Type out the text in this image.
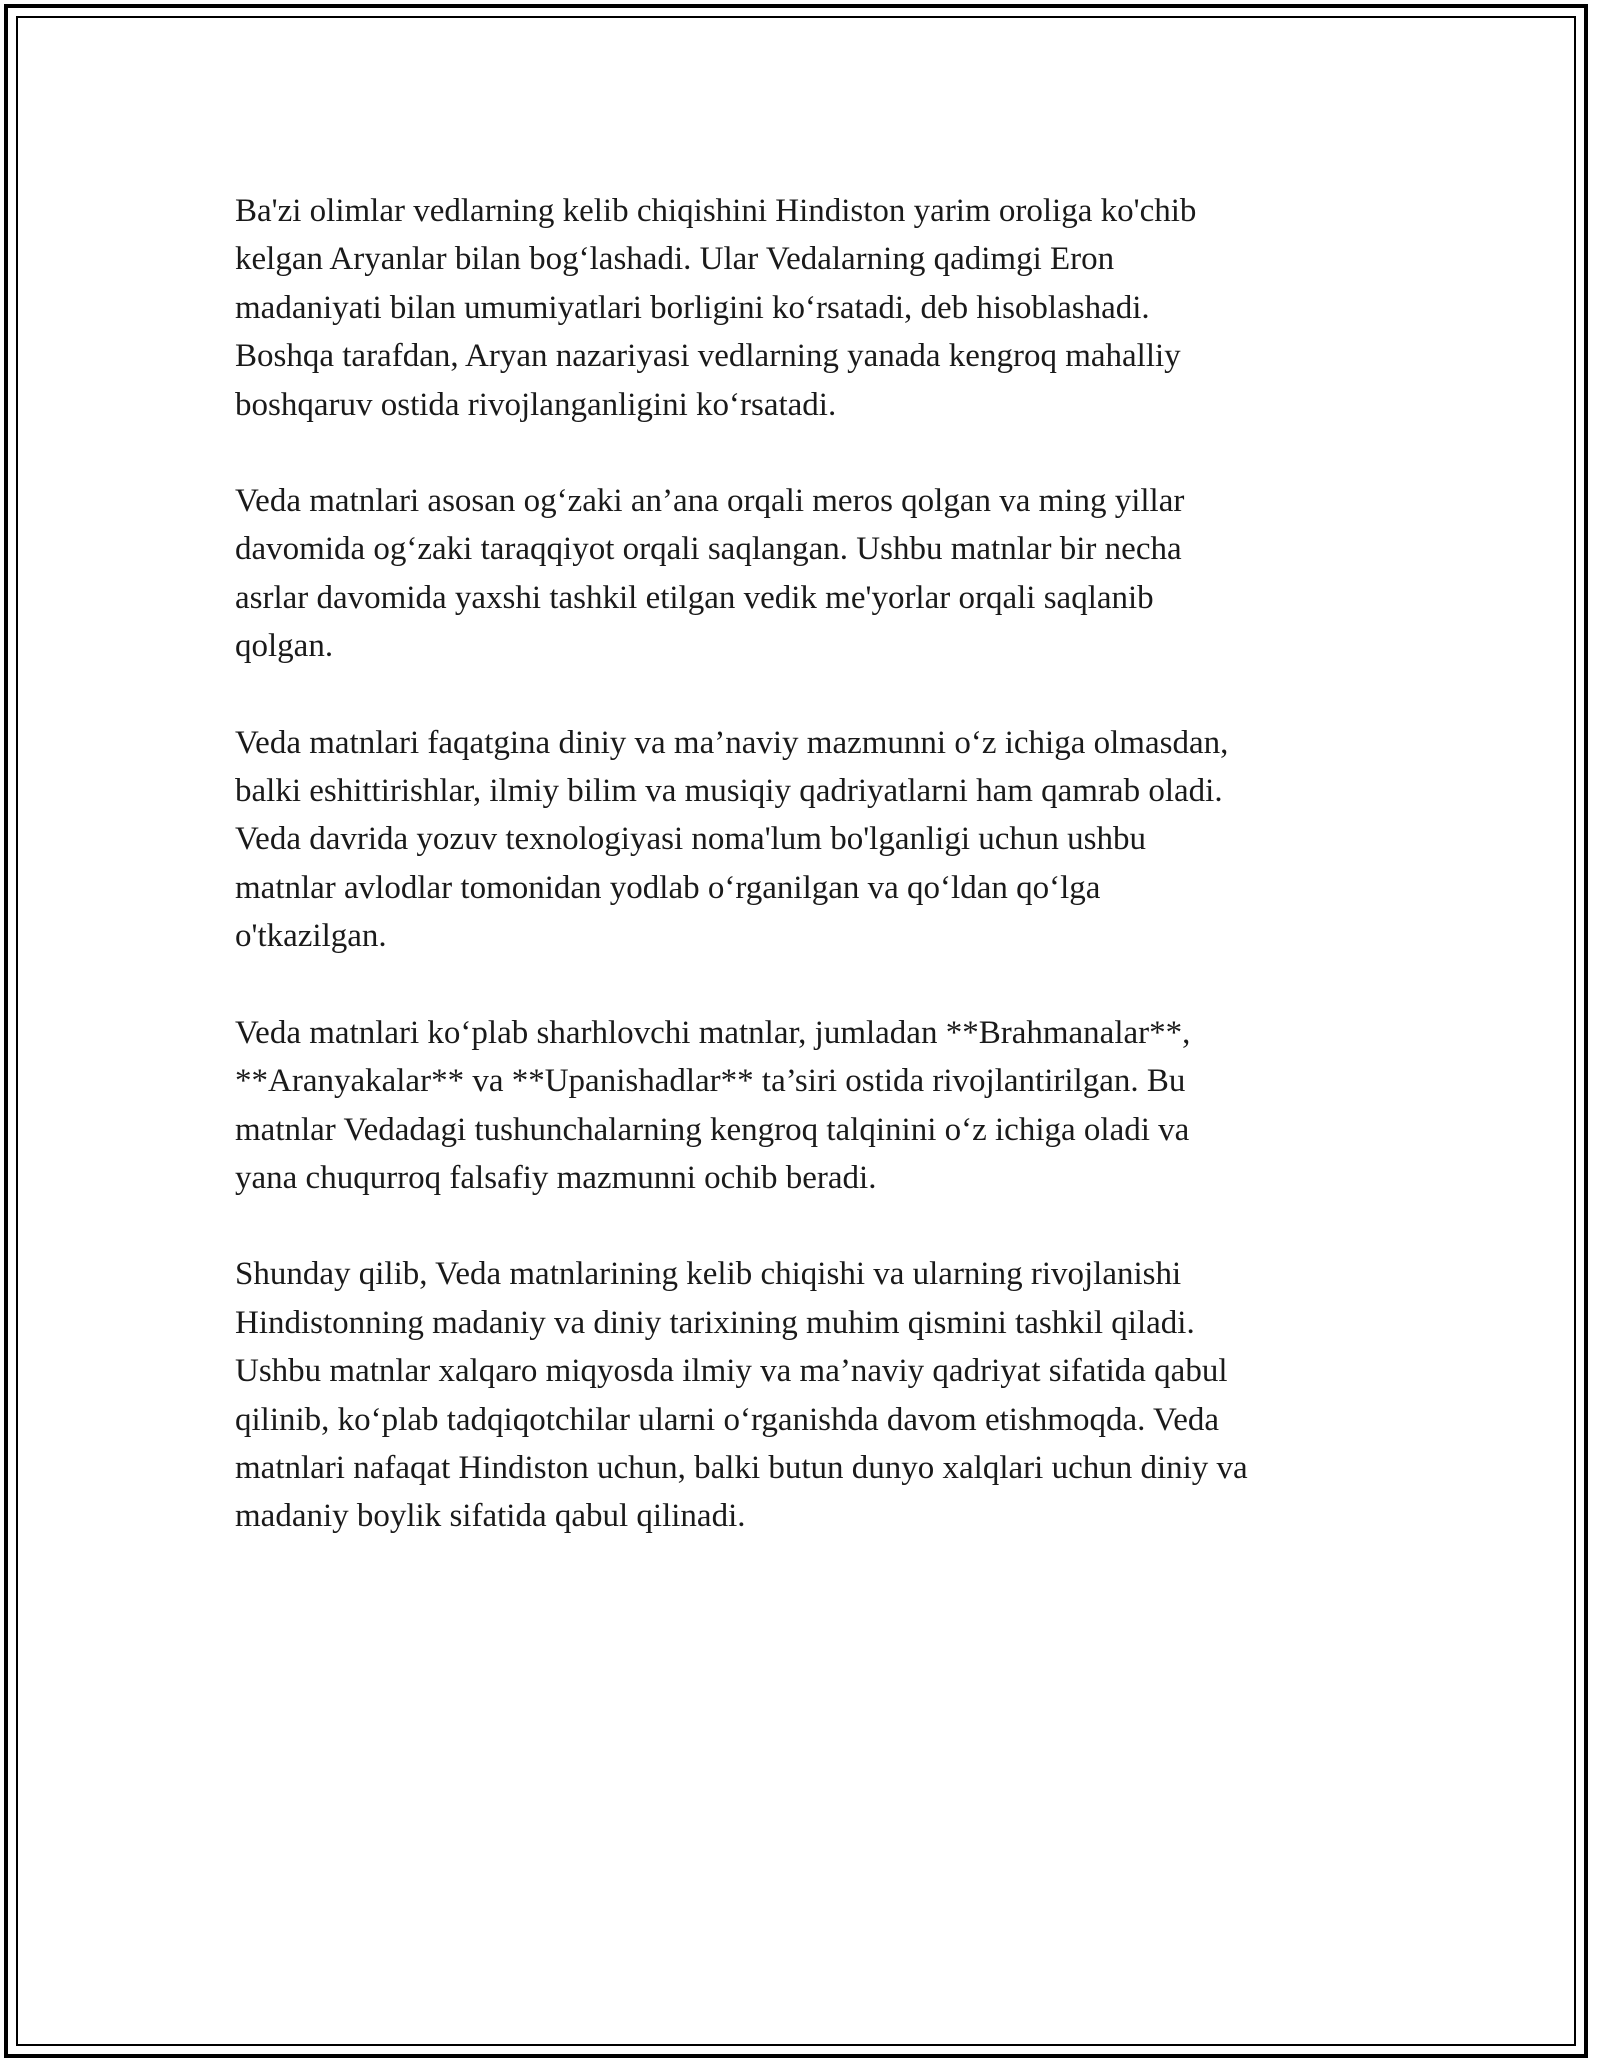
Ba'zi olimlar vedlarning kelib chiqishini Hindiston yarim oroliga ko'chib
kelgan Aryanlar bilan bog‘lashadi. Ular Vedalarning qadimgi Eron
madaniyati bilan umumiyatlari borligini ko‘rsatadi, deb hisoblashadi.
Boshqa tarafdan, Aryan nazariyasi vedlarning yanada kengroq mahalliy
boshqaruv ostida rivojlanganligini ko‘rsatadi.

Veda matnlari asosan og‘zaki an’ana orqali meros qolgan va ming yillar
davomida og‘zaki taraqqiyot orqali saqlangan. Ushbu matnlar bir necha
asrlar davomida yaxshi tashkil etilgan vedik me'yorlar orqali saqlanib
qolgan.

Veda matnlari faqatgina diniy va ma’naviy mazmunni o‘z ichiga olmasdan,
balki eshittirishlar, ilmiy bilim va musiqiy qadriyatlarni ham qamrab oladi.
Veda davrida yozuv texnologiyasi noma'lum bo'lganligi uchun ushbu
matnlar avlodlar tomonidan yodlab o‘rganilgan va qo‘ldan qo‘lga
o'tkazilgan.

Veda matnlari ko‘plab sharhlovchi matnlar, jumladan **Brahmanalar**,
**Aranyakalar** va **Upanishadlar** ta’siri ostida rivojlantirilgan. Bu
matnlar Vedadagi tushunchalarning kengroq talqinini o‘z ichiga oladi va
yana chuqurroq falsafiy mazmunni ochib beradi.

Shunday qilib, Veda matnlarining kelib chiqishi va ularning rivojlanishi
Hindistonning madaniy va diniy tarixining muhim qismini tashkil qiladi.
Ushbu matnlar xalqaro miqyosda ilmiy va ma’naviy qadriyat sifatida qabul
qilinib, ko‘plab tadqiqotchilar ularni o‘rganishda davom etishmoqda. Veda
matnlari nafaqat Hindiston uchun, balki butun dunyo xalqlari uchun diniy va
madaniy boylik sifatida qabul qilinadi.
